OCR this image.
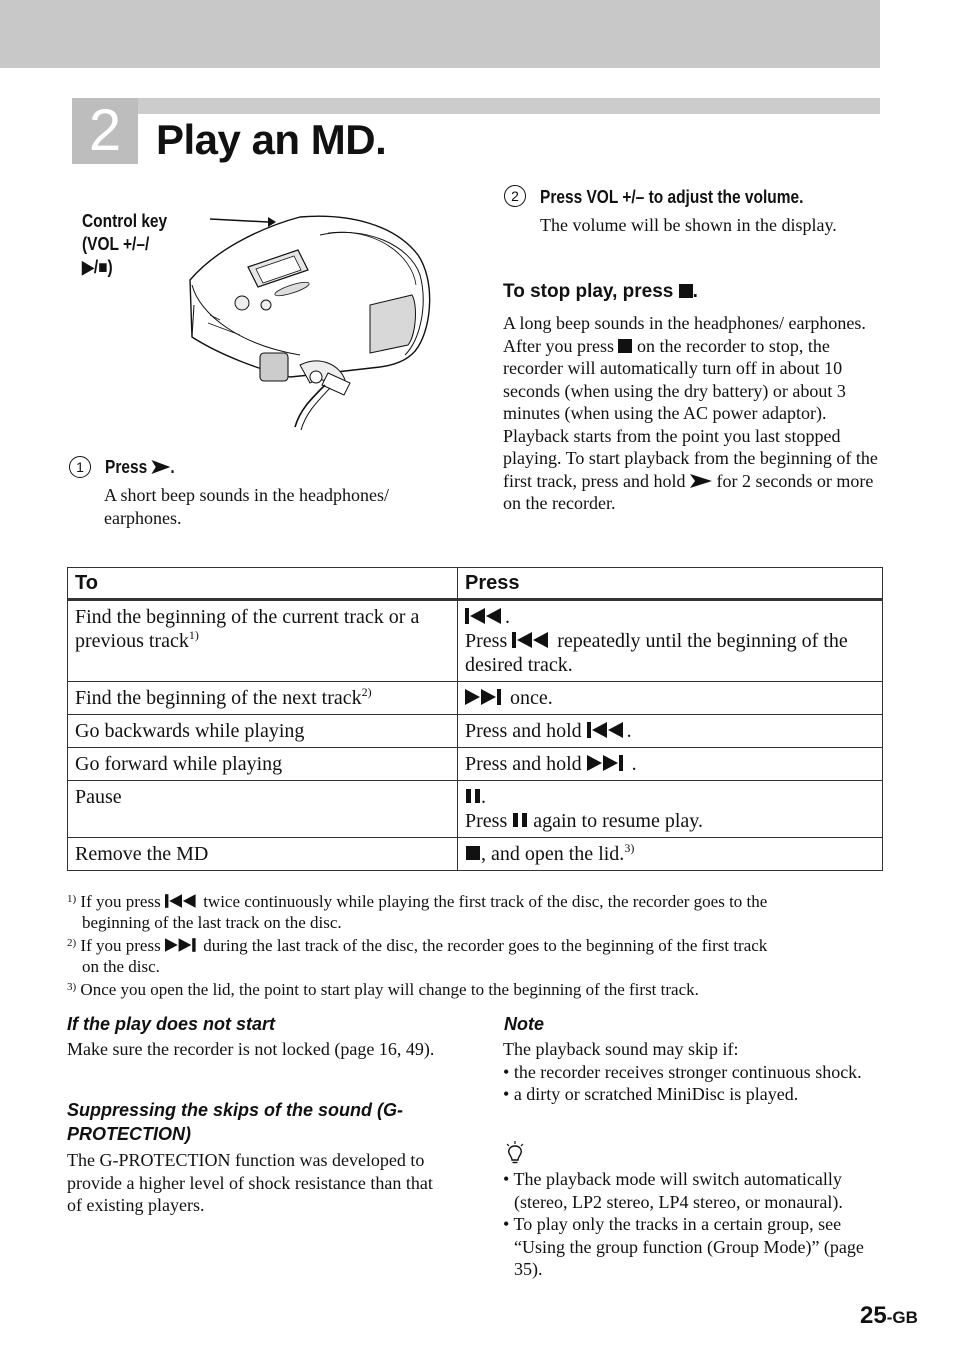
2 Play an MD.
Control key
(VOL +/–/
▶/■)
1	Press .
A short beep sounds in the headphones/ earphones.
2	Press VOL +/– to adjust the volume.
The volume will be shown in the display.
To stop play, press .
A long beep sounds in the headphones/ earphones.
After you press on the recorder to stop, the recorder will automatically turn off in about 10 seconds (when using the dry battery) or about 3 minutes (when using the AC power adaptor). Playback starts from the point you last stopped playing. To start playback from the beginning of the first track, press and hold for 2 seconds or more on the recorder.
To	Press
Find the beginning of the current track or a previous track$^{1)}$	.
Press repeatedly until the beginning of the desired track.

Find the beginning of the next track$^{2)}$	once.
Go backwards while playing	Press and hold .
Go forward while playing	Press and hold .
Pause	.
Press again to resume play.

Remove the MD	, and open the lid.$^{3)}$
$^{1)}$ If you press	twice continuously while playing the first track of the disc, the recorder goes to the
beginning of the last track on the disc.
$^{2)}$ If you press	during the last track of the disc, the recorder goes to the beginning of the first track
on the disc.
$^{3)}$ Once you open the lid, the point to start play will change to the beginning of the first track.
If the play does not start
Make sure the recorder is not locked (page 16, 49).
Suppressing the skips of the sound (G-PROTECTION)
The G-PROTECTION function was developed to provide a higher level of shock resistance than that of existing players.
Note
The playback sound may skip if:
• the recorder receives stronger continuous shock.
• a dirty or scratched MiniDisc is played.
• The playback mode will switch automatically (stereo, LP2 stereo, LP4 stereo, or monaural).
• To play only the tracks in a certain group, see “Using the group function (Group Mode)” (page 35).
25-GB
